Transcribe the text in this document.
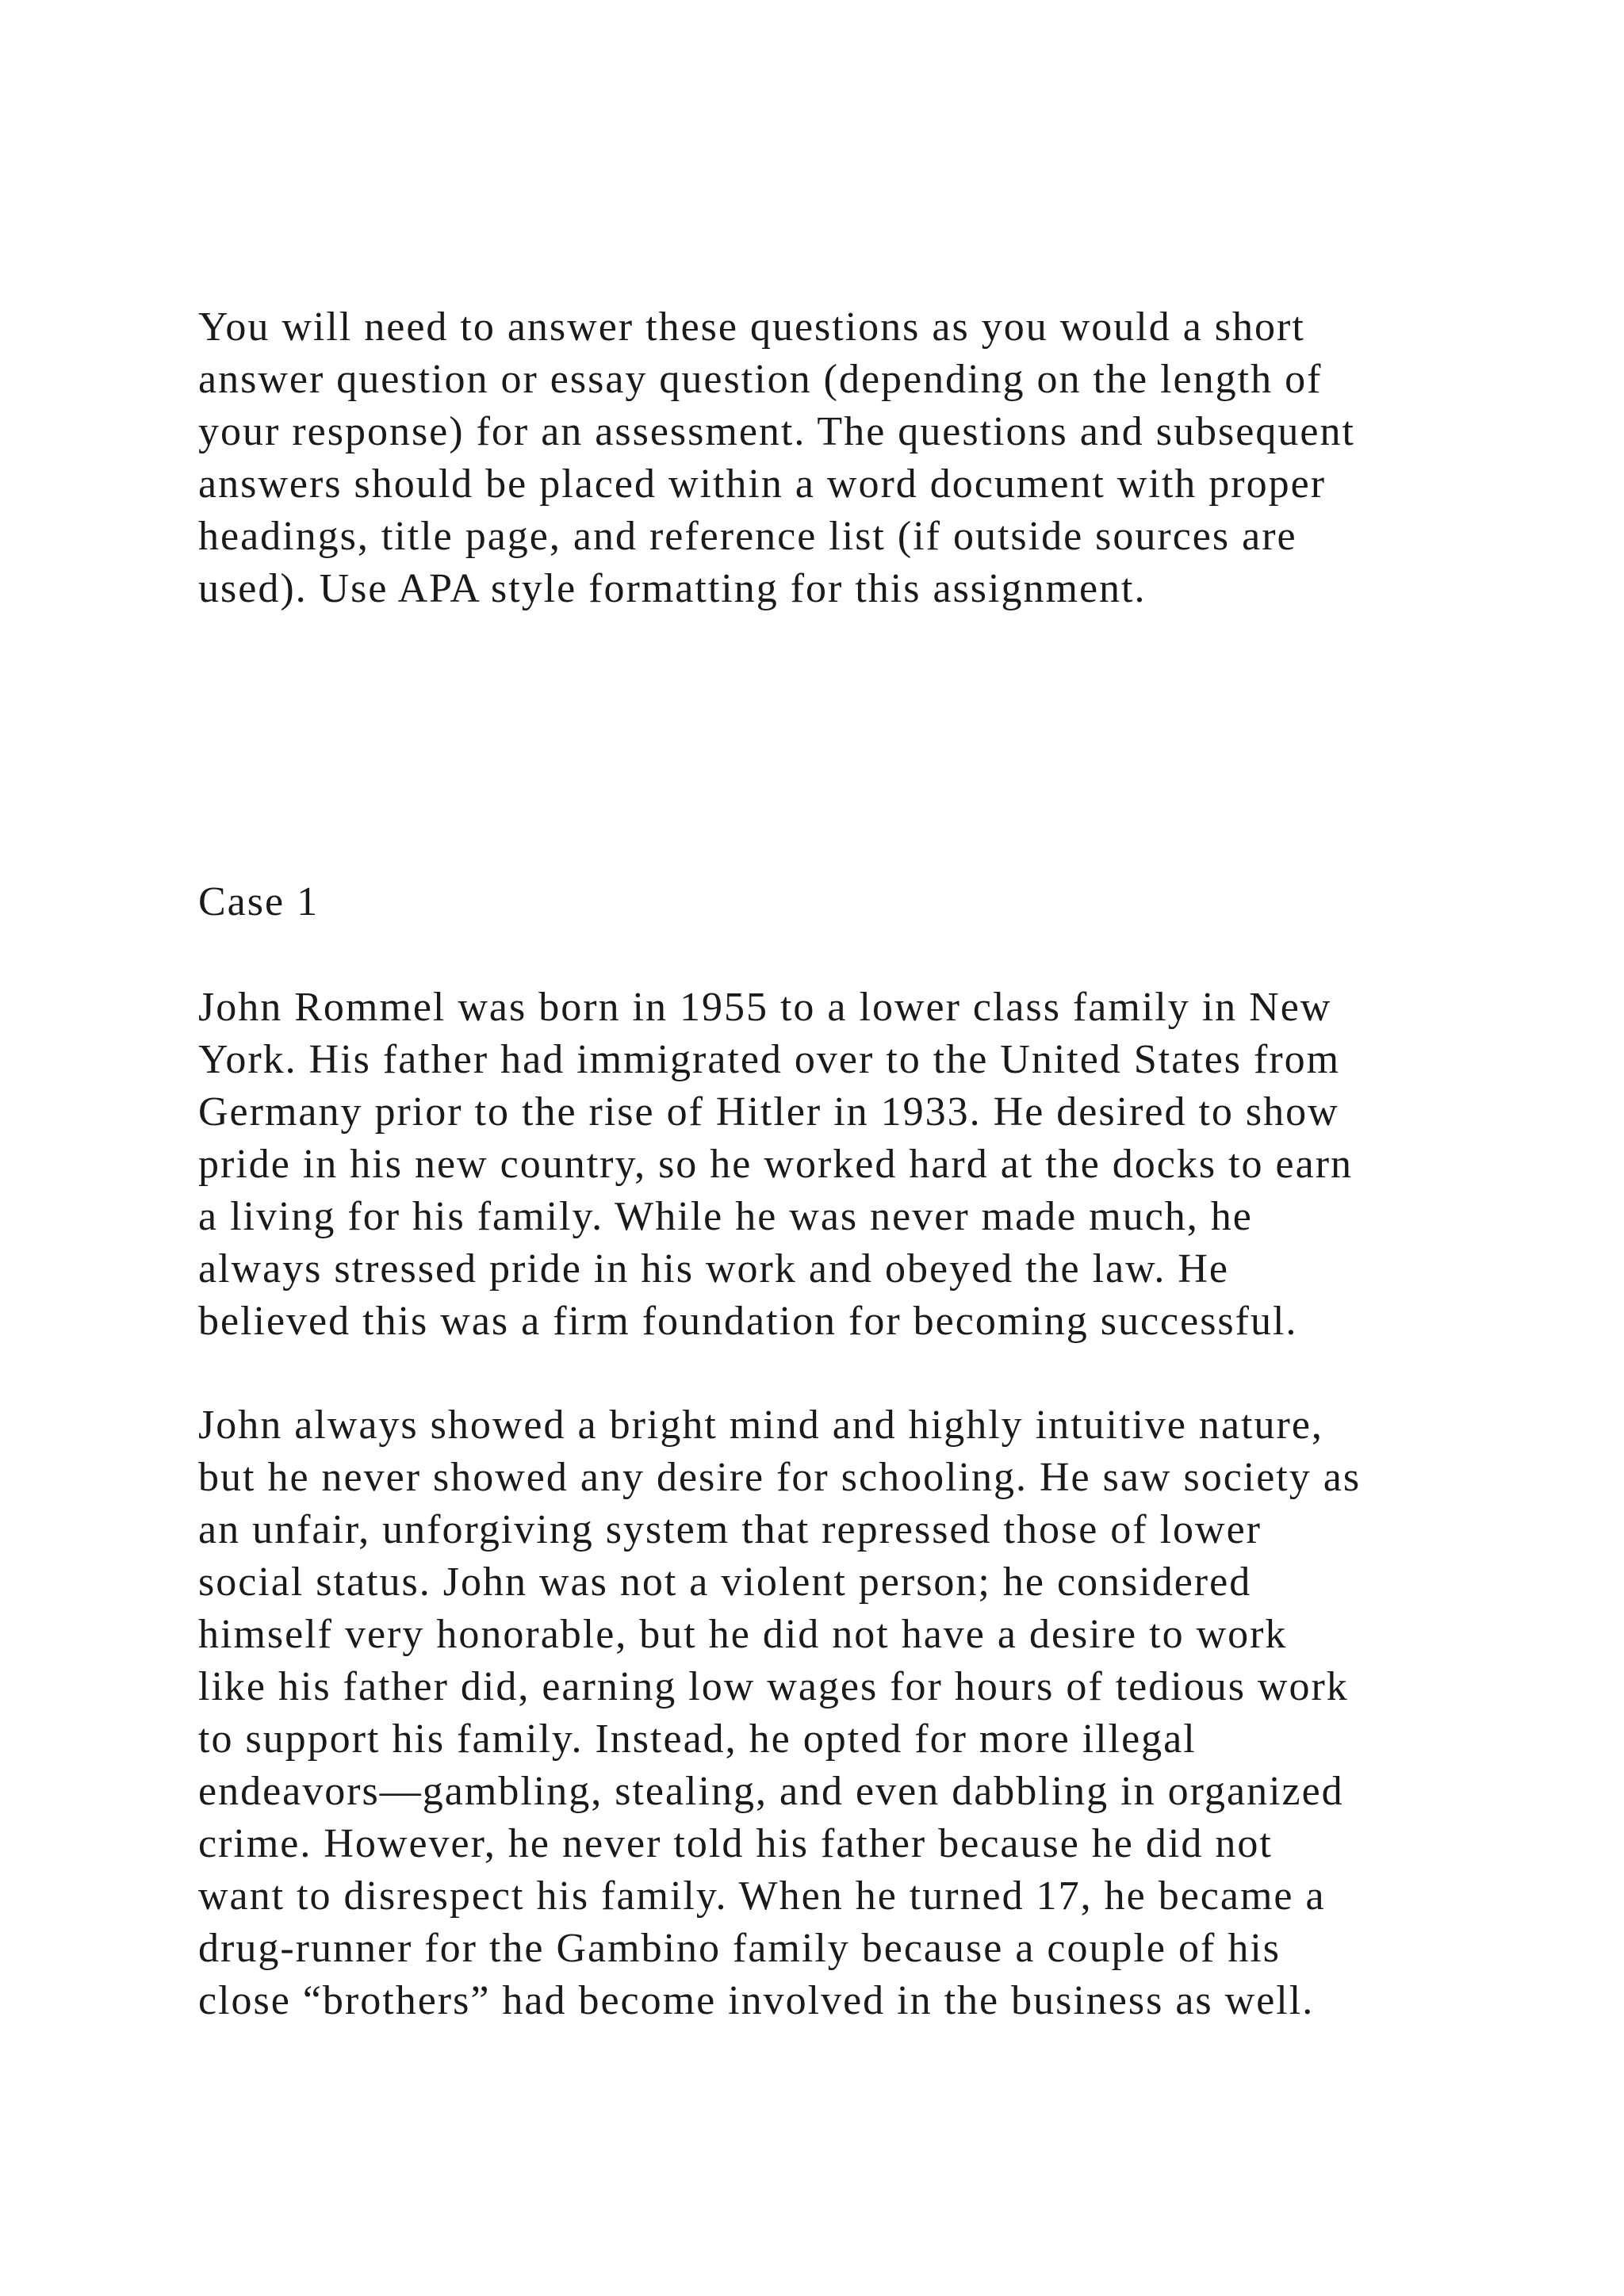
You will need to answer these questions as you would a short
answer question or essay question (depending on the length of
your response) for an assessment. The questions and subsequent
answers should be placed within a word document with proper
headings, title page, and reference list (if outside sources are
used). Use APA style formatting for this assignment.

Case 1

John Rommel was born in 1955 to a lower class family in New
York. His father had immigrated over to the United States from
Germany prior to the rise of Hitler in 1933. He desired to show
pride in his new country, so he worked hard at the docks to earn
a living for his family. While he was never made much, he
always stressed pride in his work and obeyed the law. He
believed this was a firm foundation for becoming successful.

John always showed a bright mind and highly intuitive nature,
but he never showed any desire for schooling. He saw society as
an unfair, unforgiving system that repressed those of lower
social status. John was not a violent person; he considered
himself very honorable, but he did not have a desire to work
like his father did, earning low wages for hours of tedious work
to support his family. Instead, he opted for more illegal
endeavors—gambling, stealing, and even dabbling in organized
crime. However, he never told his father because he did not
want to disrespect his family. When he turned 17, he became a
drug-runner for the Gambino family because a couple of his
close “brothers” had become involved in the business as well.
